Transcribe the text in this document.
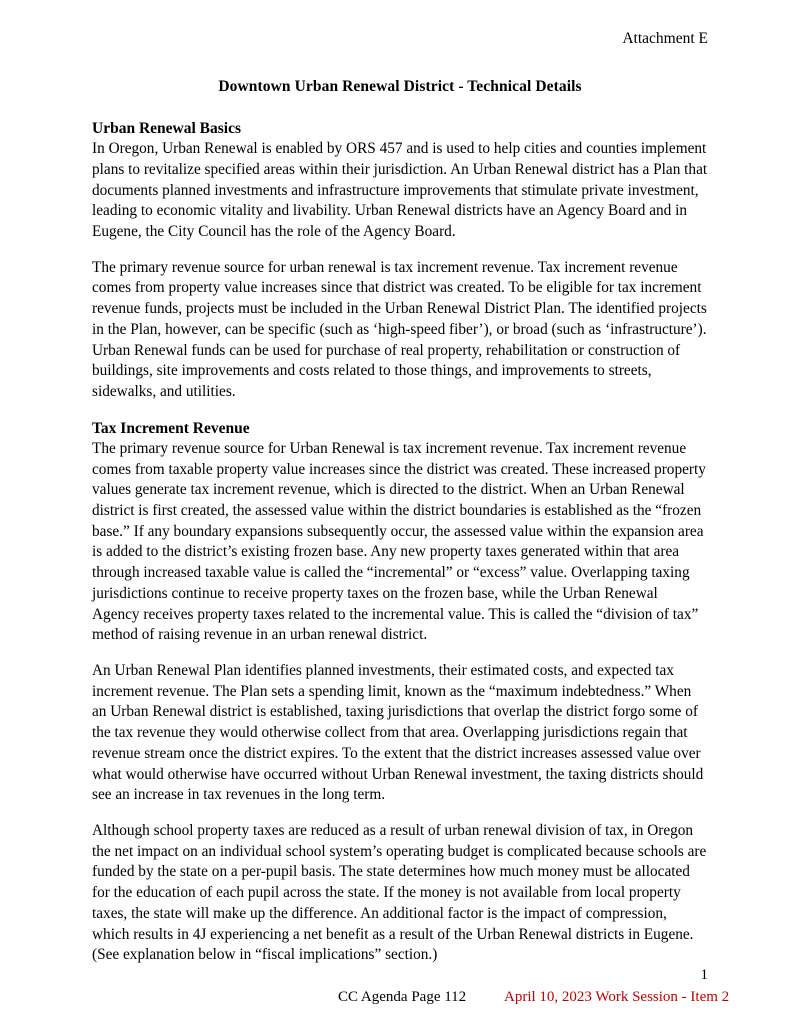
Attachment E
Downtown Urban Renewal District - Technical Details
Urban Renewal Basics

In Oregon, Urban Renewal is enabled by ORS 457 and is used to help cities and counties implement plans to revitalize specified areas within their jurisdiction. An Urban Renewal district has a Plan that documents planned investments and infrastructure improvements that stimulate private investment, leading to economic vitality and livability. Urban Renewal districts have an Agency Board and in Eugene, the City Council has the role of the Agency Board.

The primary revenue source for urban renewal is tax increment revenue. Tax increment revenue comes from property value increases since that district was created. To be eligible for tax increment revenue funds, projects must be included in the Urban Renewal District Plan. The identified projects in the Plan, however, can be specific (such as ‘high-speed fiber’), or broad (such as ‘infrastructure’). Urban Renewal funds can be used for purchase of real property, rehabilitation or construction of buildings, site improvements and costs related to those things, and improvements to streets, sidewalks, and utilities.

Tax Increment Revenue

The primary revenue source for Urban Renewal is tax increment revenue. Tax increment revenue comes from taxable property value increases since the district was created. These increased property values generate tax increment revenue, which is directed to the district. When an Urban Renewal district is first created, the assessed value within the district boundaries is established as the “frozen base.” If any boundary expansions subsequently occur, the assessed value within the expansion area is added to the district’s existing frozen base. Any new property taxes generated within that area through increased taxable value is called the “incremental” or “excess” value. Overlapping taxing jurisdictions continue to receive property taxes on the frozen base, while the Urban Renewal Agency receives property taxes related to the incremental value. This is called the “division of tax” method of raising revenue in an urban renewal district.

An Urban Renewal Plan identifies planned investments, their estimated costs, and expected tax increment revenue. The Plan sets a spending limit, known as the “maximum indebtedness.” When an Urban Renewal district is established, taxing jurisdictions that overlap the district forgo some of the tax revenue they would otherwise collect from that area. Overlapping jurisdictions regain that revenue stream once the district expires. To the extent that the district increases assessed value over what would otherwise have occurred without Urban Renewal investment, the taxing districts should see an increase in tax revenues in the long term.

Although school property taxes are reduced as a result of urban renewal division of tax, in Oregon the net impact on an individual school system’s operating budget is complicated because schools are funded by the state on a per-pupil basis. The state determines how much money must be allocated for the education of each pupil across the state. If the money is not available from local property taxes, the state will make up the difference. An additional factor is the impact of compression, which results in 4J experiencing a net benefit as a result of the Urban Renewal districts in Eugene. (See explanation below in “fiscal implications” section.)

1
CC Agenda Page 112	April 10, 2023 Work Session - Item 2
